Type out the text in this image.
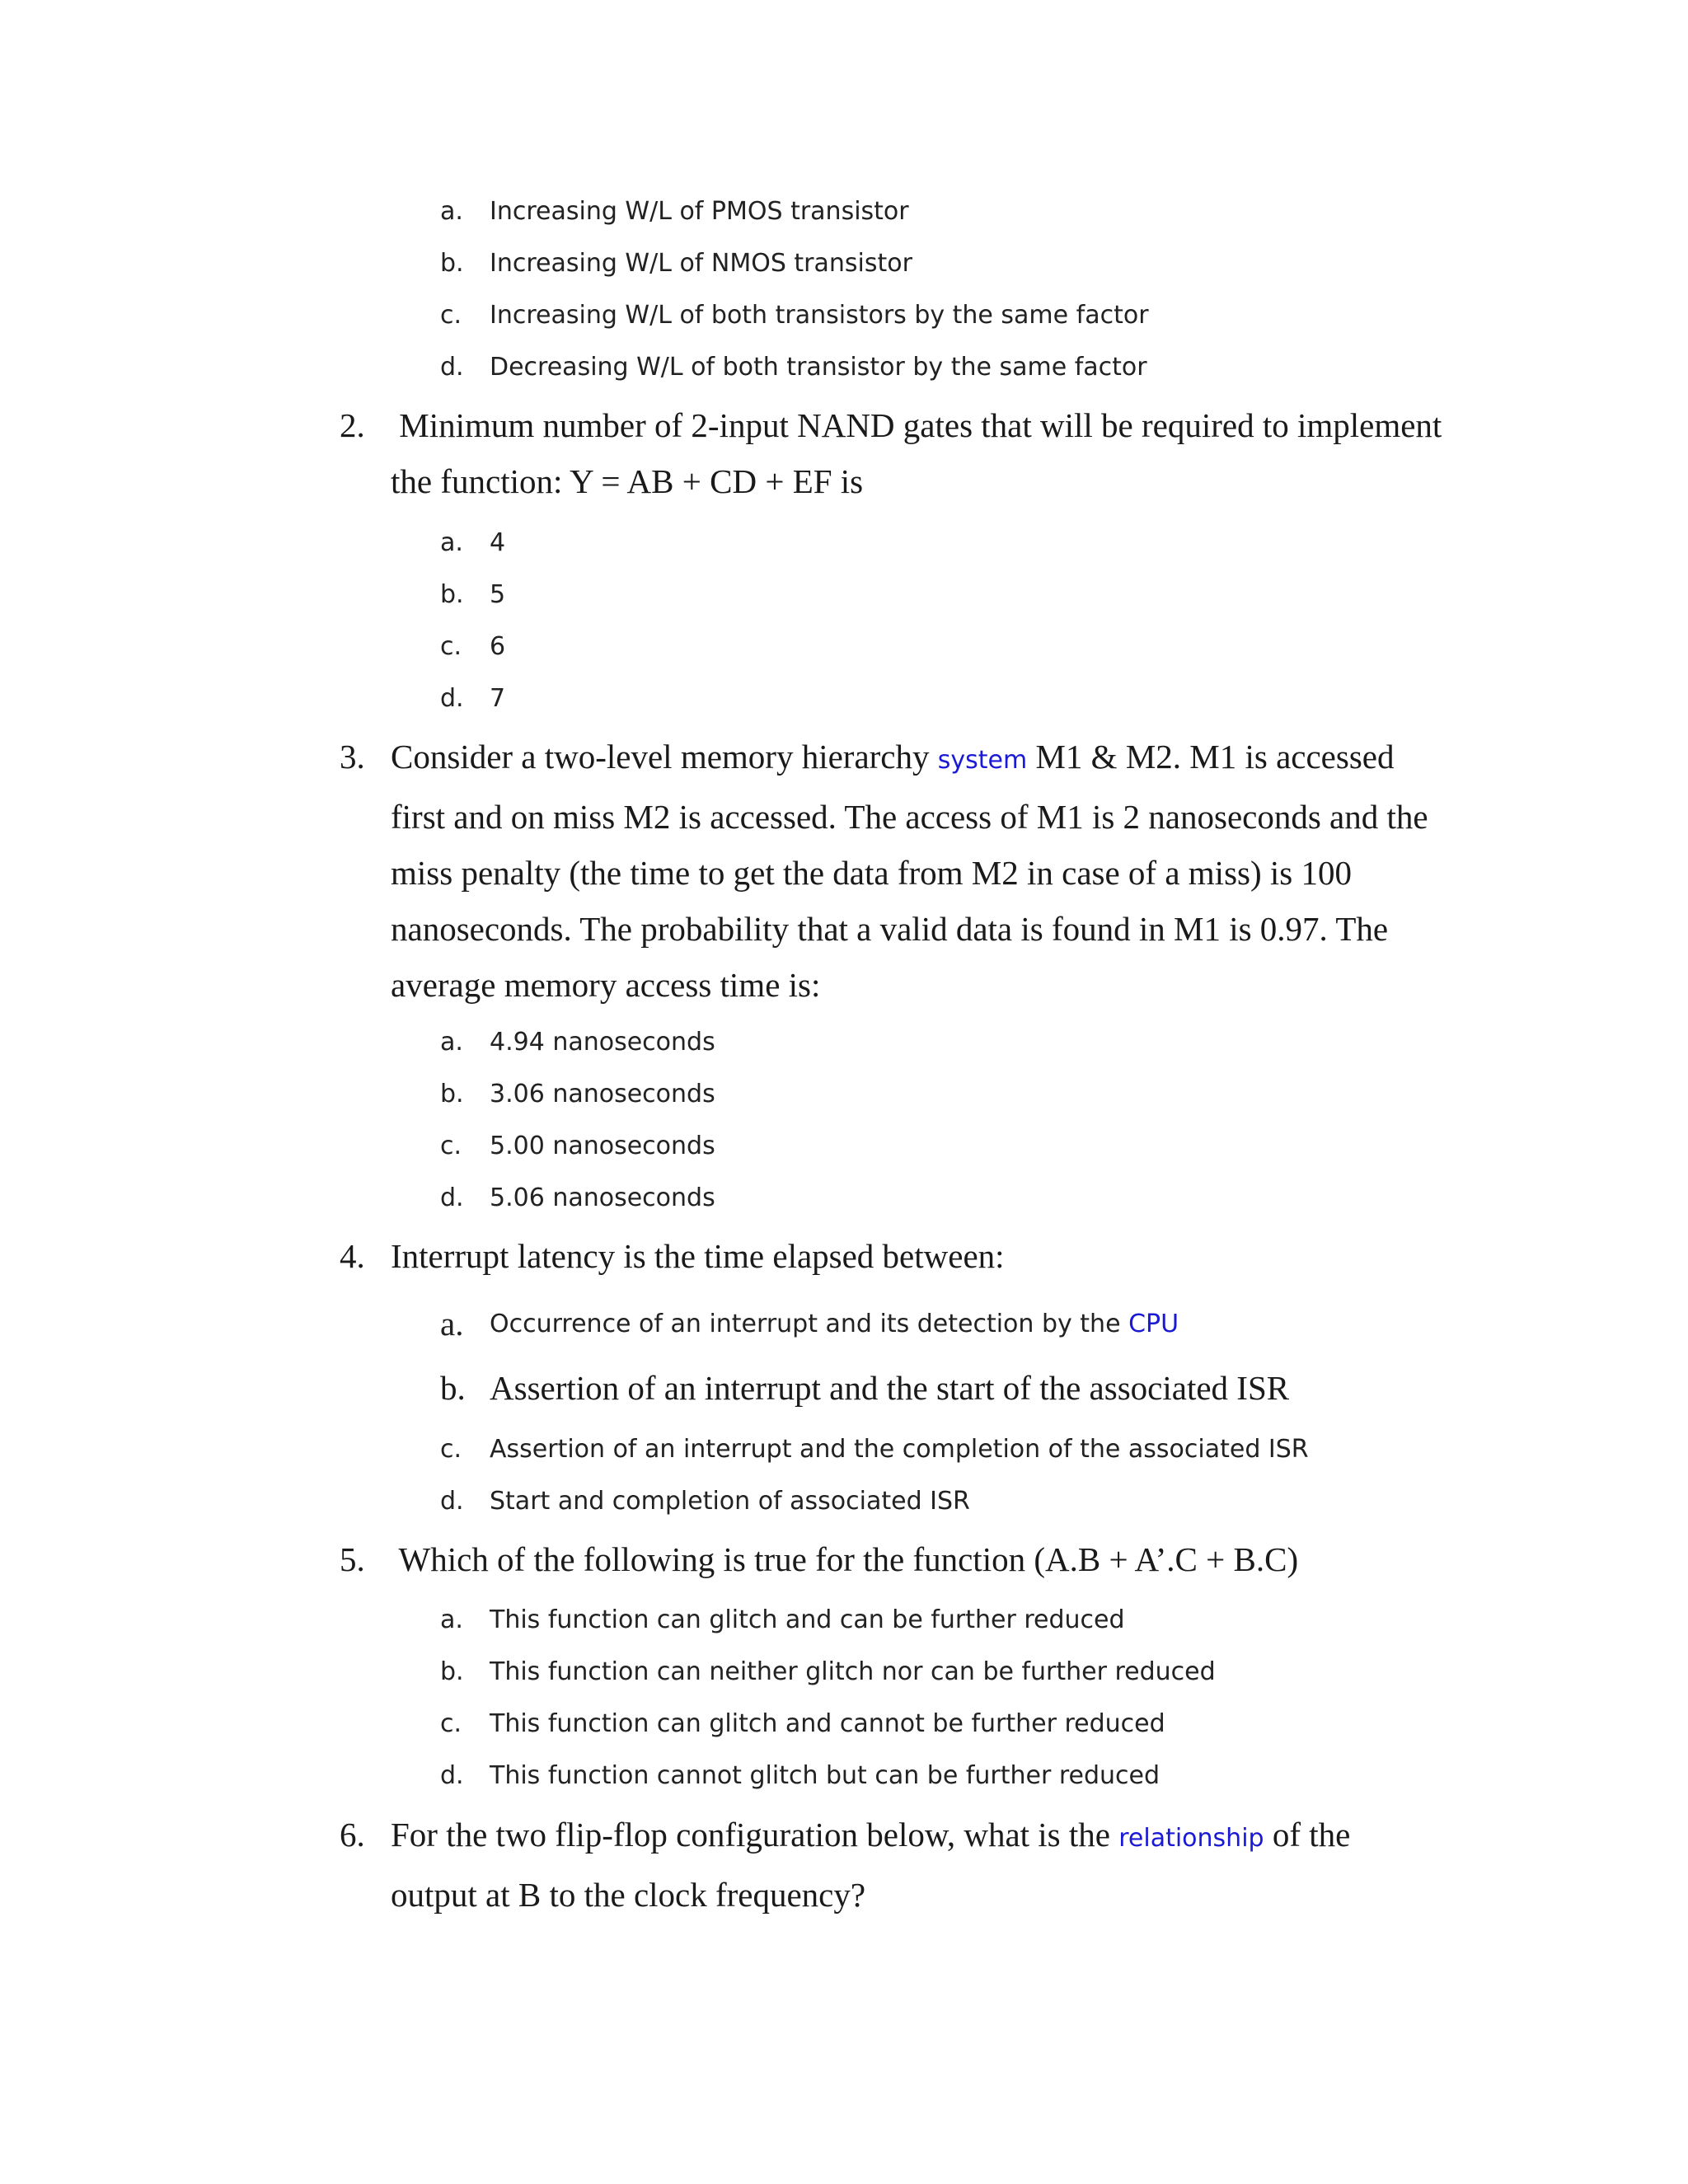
a.	Increasing W/L of PMOS transistor
b.	Increasing W/L of NMOS transistor
c.	Increasing W/L of both transistors by the same factor
d.	Decreasing W/L of both transistor by the same factor
2. Minimum number of 2-input NAND gates that will be required to implement
the function: Y = AB + CD + EF is
a.	4
b.	5
c.	6
d.	7
3. Consider a two-level memory hierarchy system M1 & M2. M1 is accessed first and on miss M2 is accessed. The access of M1 is 2 nanoseconds and the miss penalty (the time to get the data from M2 in case of a miss) is 100 nanoseconds. The probability that a valid data is found in M1 is 0.97. The average memory access time is:
a.	4.94 nanoseconds
b.	3.06 nanoseconds
c.	5.00 nanoseconds
d.	5.06 nanoseconds
4. Interrupt latency is the time elapsed between:
a.	Occurrence of an interrupt and its detection by the CPU
b. Assertion of an interrupt and the start of the associated ISR
c.	Assertion of an interrupt and the completion of the associated ISR
d.	Start and completion of associated ISR
5. Which of the following is true for the function (A.B + A’.C + B.C)
a.	This function can glitch and can be further reduced
b.	This function can neither glitch nor can be further reduced
c.	This function can glitch and cannot be further reduced
d.	This function cannot glitch but can be further reduced
6. For the two flip-flop configuration below, what is the relationship of the output at B to the clock frequency?
